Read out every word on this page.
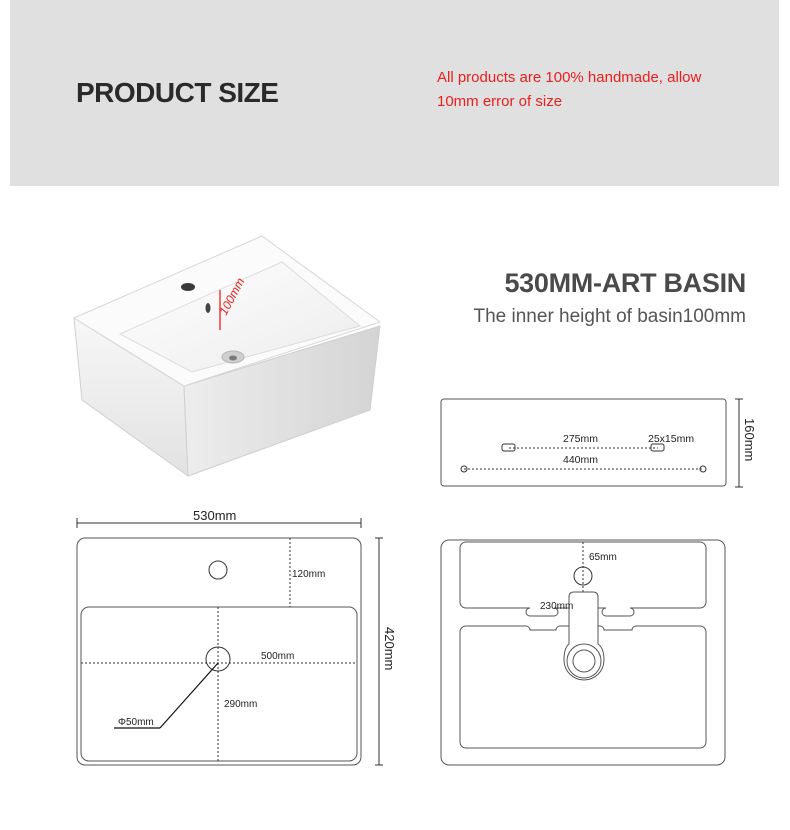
PRODUCT SIZE	All products are 100% handmade, allow
10mm error of size
530MM-ART BASIN
The inner height of basin100mm
100mm
160mm
275mm	25x15mm
440mm
530mm
120mm
500mm
290mm
Φ50mm
420mm
65mm
230mm
